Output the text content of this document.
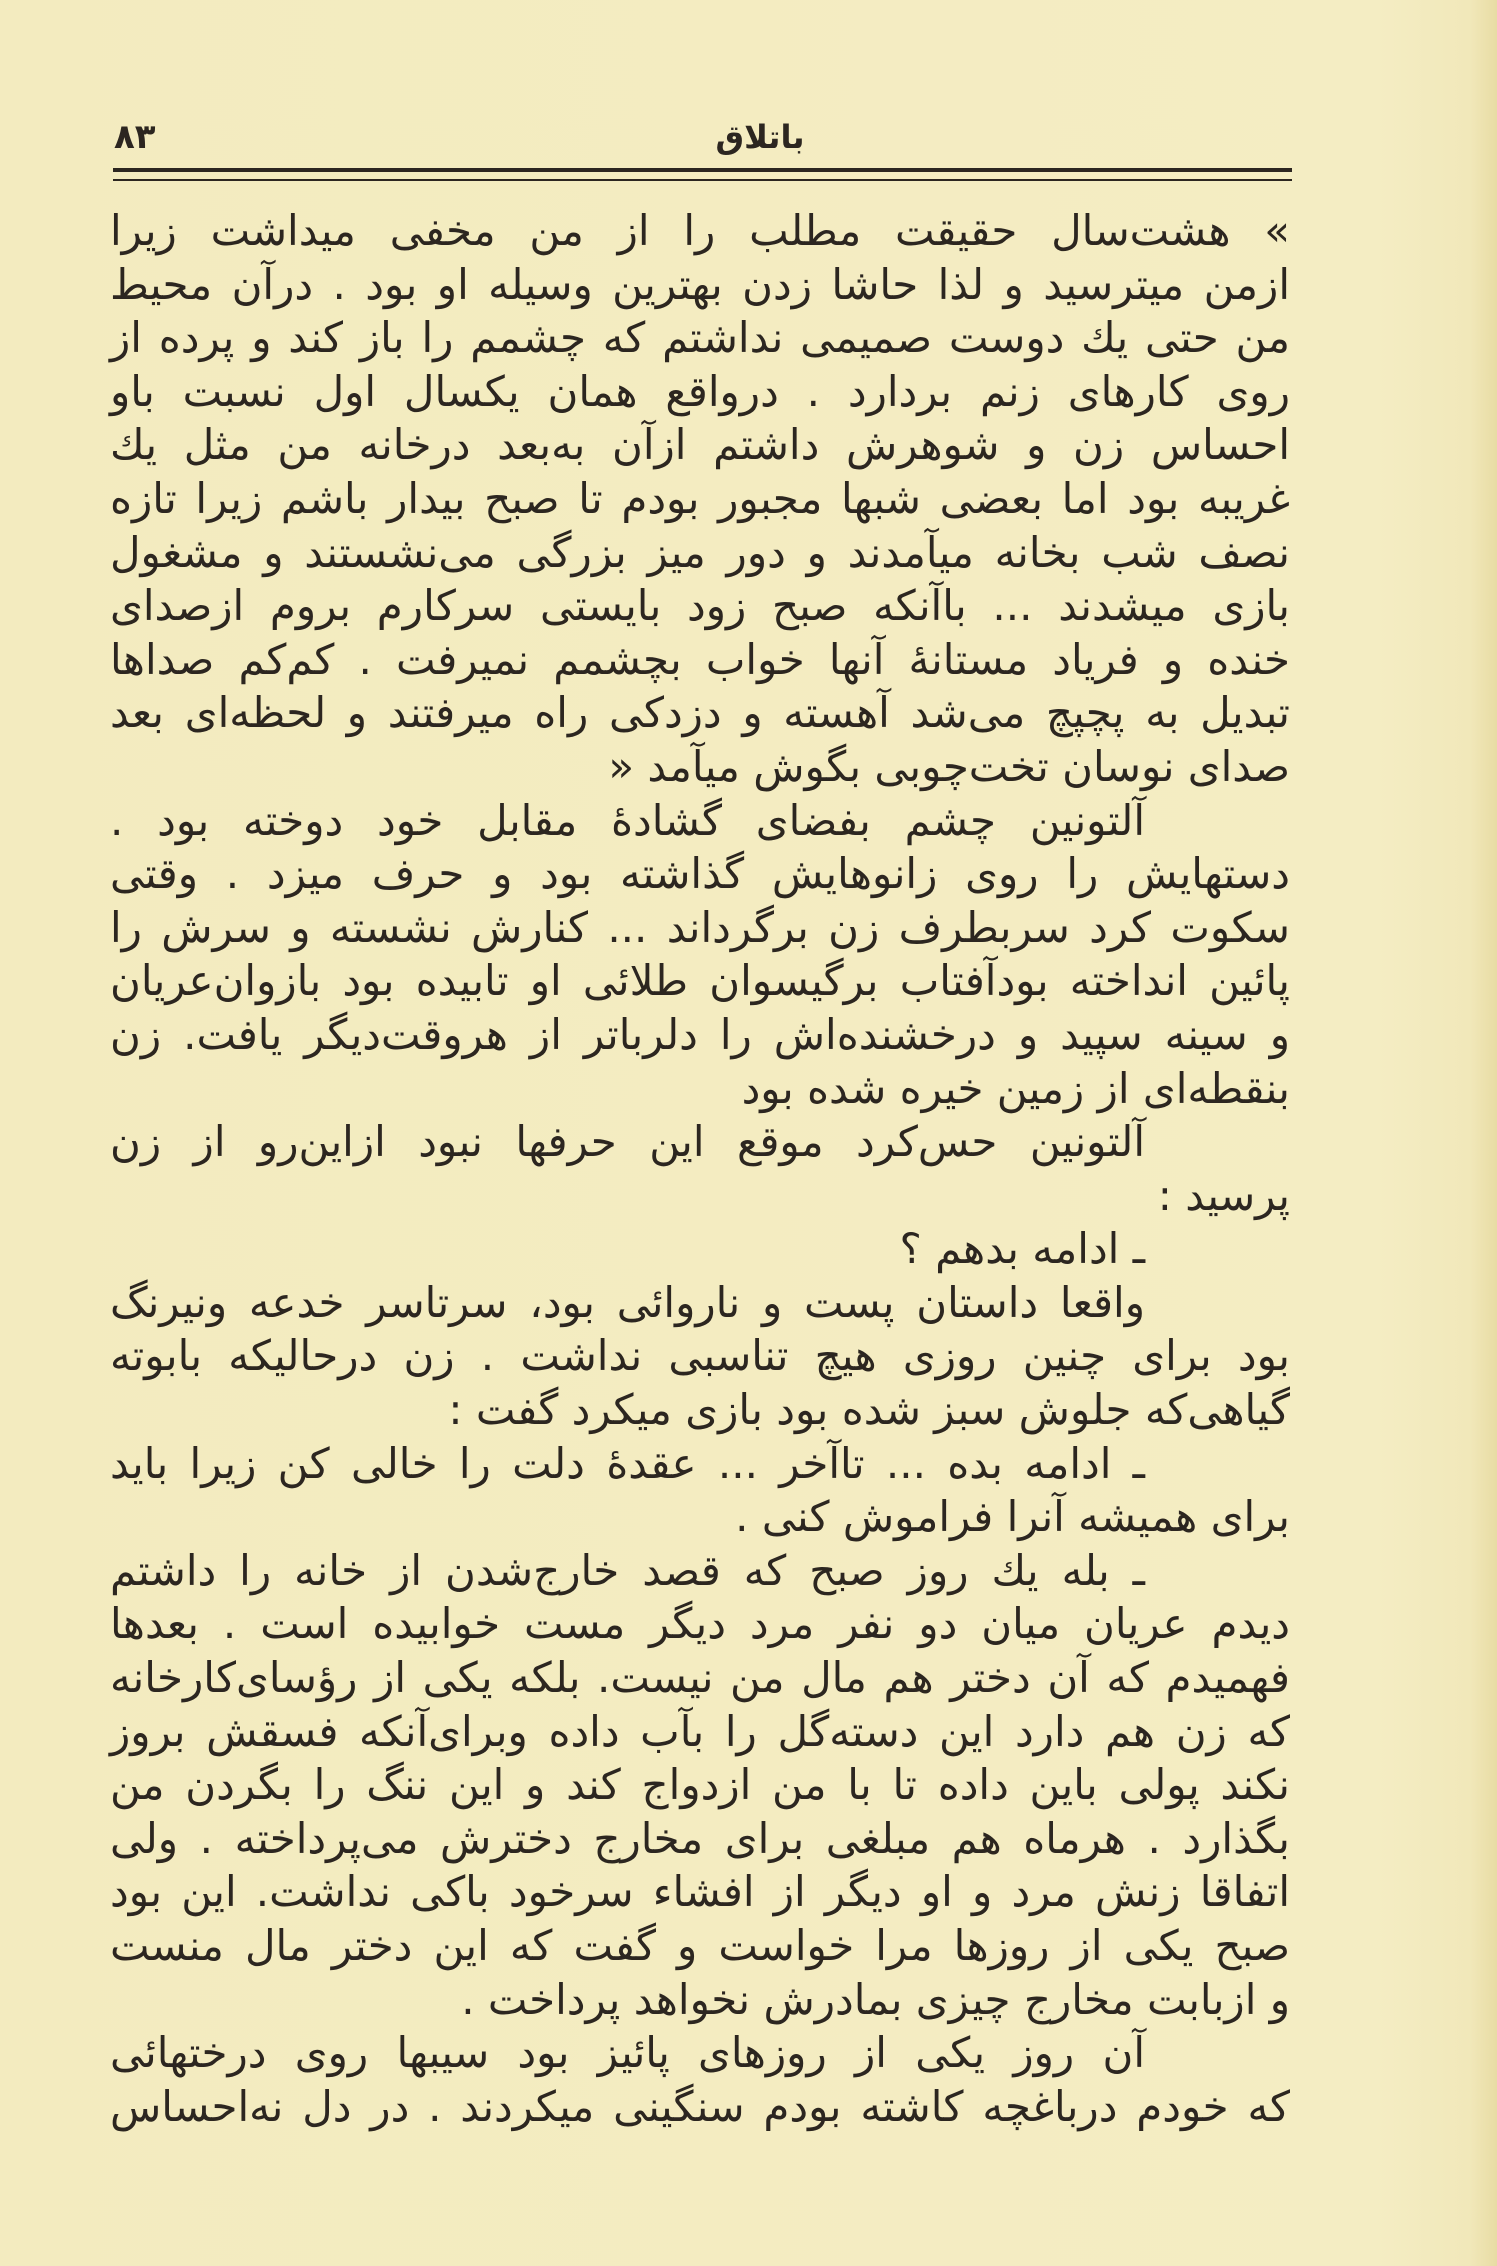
۸۳	باتلاق
» هشت‌سال حقیقت مطلب را از من مخفی میداشت زیرا
ازمن میترسید و لذا حاشا زدن بهترین وسیله او بود . درآن محیط
من حتی یك دوست صمیمی نداشتم که چشمم را باز کند و پرده از
روی کارهای زنم بردارد . درواقع همان یکسال اول نسبت باو
احساس زن و شوهرش داشتم ازآن به‌بعد درخانه من مثل یك
غریبه بود اما بعضی شبها مجبور بودم تا صبح بیدار باشم زیرا تازه
نصف شب بخانه میآمدند و دور میز بزرگی می‌نشستند و مشغول
بازی میشدند ... باآنکه صبح زود بایستی سرکارم بروم ازصدای
خنده و فریاد مستانهٔ آنها خواب بچشمم نمیرفت . کم‌کم صداها
تبدیل به پچپچ می‌شد آهسته و دزدکی راه میرفتند و لحظه‌ای بعد
صدای نوسان تخت‌چوبی بگوش میآمد «
آلتونین چشم بفضای گشادهٔ مقابل خود دوخته بود .
دستهایش را روی زانوهایش گذاشته بود و حرف میزد . وقتی
سکوت کرد سربطرف زن برگرداند ... کنارش نشسته و سرش را
پائین انداخته بودآفتاب برگیسوان طلائی او تابیده بود بازوان‌عریان
و سینه سپید و درخشنده‌اش را دلرباتر از هروقت‌دیگر یافت. زن
بنقطه‌ای از زمین خیره شده بود
آلتونین حس‌کرد موقع این حرفها نبود ازاین‌رو از زن
پرسید :
ـ ادامه بدهم ؟
واقعا داستان پست و ناروائی بود، سرتاسر خدعه ونیرنگ
بود برای چنین روزی هیچ تناسبی نداشت . زن درحالیکه بابوته
گیاهی‌که جلوش سبز شده بود بازی میکرد گفت :
ـ ادامه بده ... تاآخر ... عقدهٔ دلت را خالی کن زیرا باید
برای همیشه آنرا فراموش کنی .
ـ بله یك روز صبح که قصد خارج‌شدن از خانه را داشتم
دیدم عریان میان دو نفر مرد دیگر مست خوابیده است . بعدها
فهمیدم که آن دختر هم مال من نیست. بلکه یکی از رؤسای‌کارخانه
که زن هم دارد این دسته‌گل را بآب داده وبرای‌آنکه فسقش بروز
نکند پولی باین داده تا با من ازدواج کند و این ننگ را بگردن من
بگذارد . هرماه هم مبلغی برای مخارج دخترش می‌پرداخته . ولی
اتفاقا زنش مرد و او دیگر از افشاء سرخود باکی نداشت. این بود
صبح یکی از روزها مرا خواست و گفت که این دختر مال منست
و ازبابت مخارج چیزی بمادرش نخواهد پرداخت .
آن روز یکی از روزهای پائیز بود سیبها روی درختهائی
که خودم درباغچه کاشته بودم سنگینی میکردند . در دل نه‌احساس
